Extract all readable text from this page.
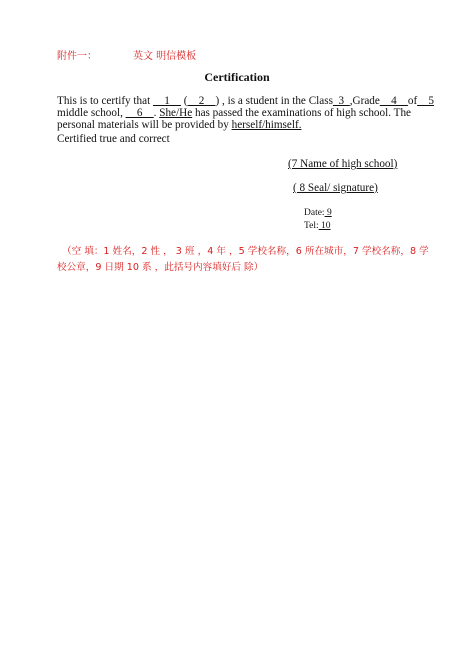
附件一：	英文 明信模板
Certification
This is to certify that __1__ (__2__) , is a student in the Class_3_,Grade__4__of__5
middle school, __6__. She/He has passed the examinations of high school. The
personal materials will be provided by herself/himself.
Certified true and correct
(7 Name of high school)
( 8 Seal/ signature)
Date: 9
Tel: 10
（空 填：1 姓名，2 性 ， 3 班 ，4 年 ，5 学校名称，6 所在城市，7 学校名称，8 学
校公章，9 日期 10 系 ，此括号内容填好后 除）
